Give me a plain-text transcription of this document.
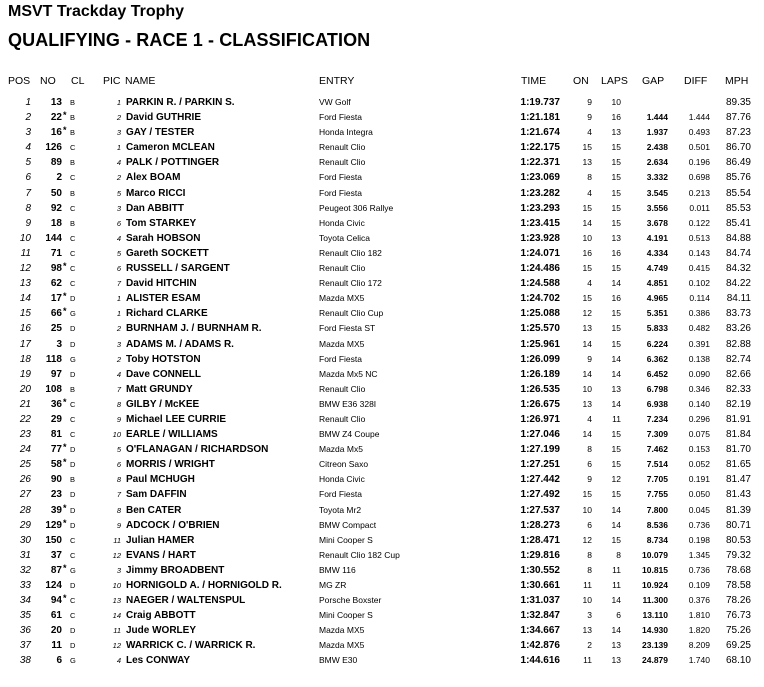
MSVT Trackday Trophy
QUALIFYING - RACE 1 - CLASSIFICATION
POS NO CL PIC NAME	ENTRY	TIME	ON LAPS GAP DIFF MPH
1 13 B	1 PARKIN R. / PARKIN S.	VW Golf	1:19.737	9 10	89.35
2 22 * B	2 David GUTHRIE	Ford Fiesta	1:21.181	9 16	1.444 1.444 87.76
3 16 * B	3 GAY / TESTER	Honda Integra	1:21.674	4 13	1.937 0.493 87.23
4 126 C	1 Cameron MCLEAN	Renault Clio	1:22.175	15 15	2.438 0.501 86.70
5 89 B	4 PALK / POTTINGER	Renault Clio	1:22.371	13 15	2.634 0.196 86.49
6	2 C	2 Alex BOAM	Ford Fiesta	1:23.069	8 15	3.332 0.698 85.76
7 50 B	5 Marco RICCI	Ford Fiesta	1:23.282	4 15	3.545 0.213 85.54
8 92 C	3 Dan ABBITT	Peugeot 306 Rallye	1:23.293	15 15	3.556	0.011 85.53
9 18 B	6 Tom STARKEY	Honda Civic	1:23.415	14 15	3.678 0.122 85.41
10 144 C	4 Sarah HOBSON	Toyota Celica	1:23.928	10 13	4.191 0.513 84.88
11 71 C	5 Gareth SOCKETT	Renault Clio 182	1:24.071	16 16	4.334 0.143 84.74
12 98 * C	6 RUSSELL / SARGENT	Renault Clio	1:24.486	15 15	4.749 0.415 84.32
13 62 C	7 David HITCHIN	Renault Clio 172	1:24.588	4 14	4.851 0.102 84.22
14 17 * D	1 ALISTER ESAM	Mazda MX5	1:24.702	15 16	4.965	0.114 84.11
15 66 * G	1 Richard CLARKE	Renault Clio Cup	1:25.088	12 15	5.351 0.386 83.73
16 25 D	2 BURNHAM J. / BURNHAM R.	Ford Fiesta ST	1:25.570	13 15	5.833 0.482 83.26
17	3 D	3 ADAMS M. / ADAMS R.	Mazda MX5	1:25.961	14 15	6.224 0.391 82.88
18 118 G	2 Toby HOTSTON	Ford Fiesta	1:26.099	9 14	6.362 0.138 82.74
19 97 D	4 Dave CONNELL	Mazda Mx5 NC	1:26.189	14 14	6.452 0.090 82.66
20 108 B	7 Matt GRUNDY	Renault Clio	1:26.535	10 13	6.798 0.346 82.33
21 36 * C	8 GILBY / McKEE	BMW E36 328I	1:26.675	13 14	6.938 0.140 82.19
22 29 C	9 Michael LEE CURRIE	Renault Clio	1:26.971	4 11	7.234 0.296 81.91
23 81 C	10 EARLE / WILLIAMS	BMW Z4 Coupe	1:27.046	14 15	7.309 0.075 81.84
24 77 * D	5 O'FLANAGAN / RICHARDSON	Mazda Mx5	1:27.199	8 15	7.462 0.153 81.70
25 58 * D	6 MORRIS / WRIGHT	Citreon Saxo	1:27.251	6 15	7.514 0.052 81.65
26 90 B	8 Paul MCHUGH	Honda Civic	1:27.442	9 12	7.705 0.191 81.47
27 23 D	7 Sam DAFFIN	Ford Fiesta	1:27.492	15 15	7.755 0.050 81.43
28 39 * D	8 Ben CATER	Toyota Mr2	1:27.537	10 14	7.800 0.045 81.39
29 129 * D	9 ADCOCK / O'BRIEN	BMW Compact	1:28.273	6 14	8.536 0.736 80.71
30 150 C	11 Julian HAMER	Mini Cooper S	1:28.471	12 15	8.734 0.198 80.53
31 37 C	12 EVANS / HART	Renault Clio 182 Cup	1:29.816	8	8 10.079 1.345 79.32
32 87 * G	3 Jimmy BROADBENT	BMW 116	1:30.552	8 11 10.815 0.736 78.68
33 124 D	10 HORNIGOLD A. / HORNIGOLD R.	MG ZR	1:30.661	11 11 10.924 0.109 78.58
34 94 * C	13 NAEGER / WALTENSPUL	Porsche Boxster	1:31.037	10 14	11.300 0.376 78.26
35 61 C	14 Craig ABBOTT	Mini Cooper S	1:32.847	3	6	13.110 1.810 76.73
36 20 D	11 Jude WORLEY	Mazda MX5	1:34.667	13 14 14.930 1.820 75.26
37 11 D	12 WARRICK C. / WARRICK R.	Mazda MX5	1:42.876	2 13 23.139 8.209 69.25
38	6 G	4 Les CONWAY	BMW E30	1:44.616	11 13 24.879 1.740 68.10
